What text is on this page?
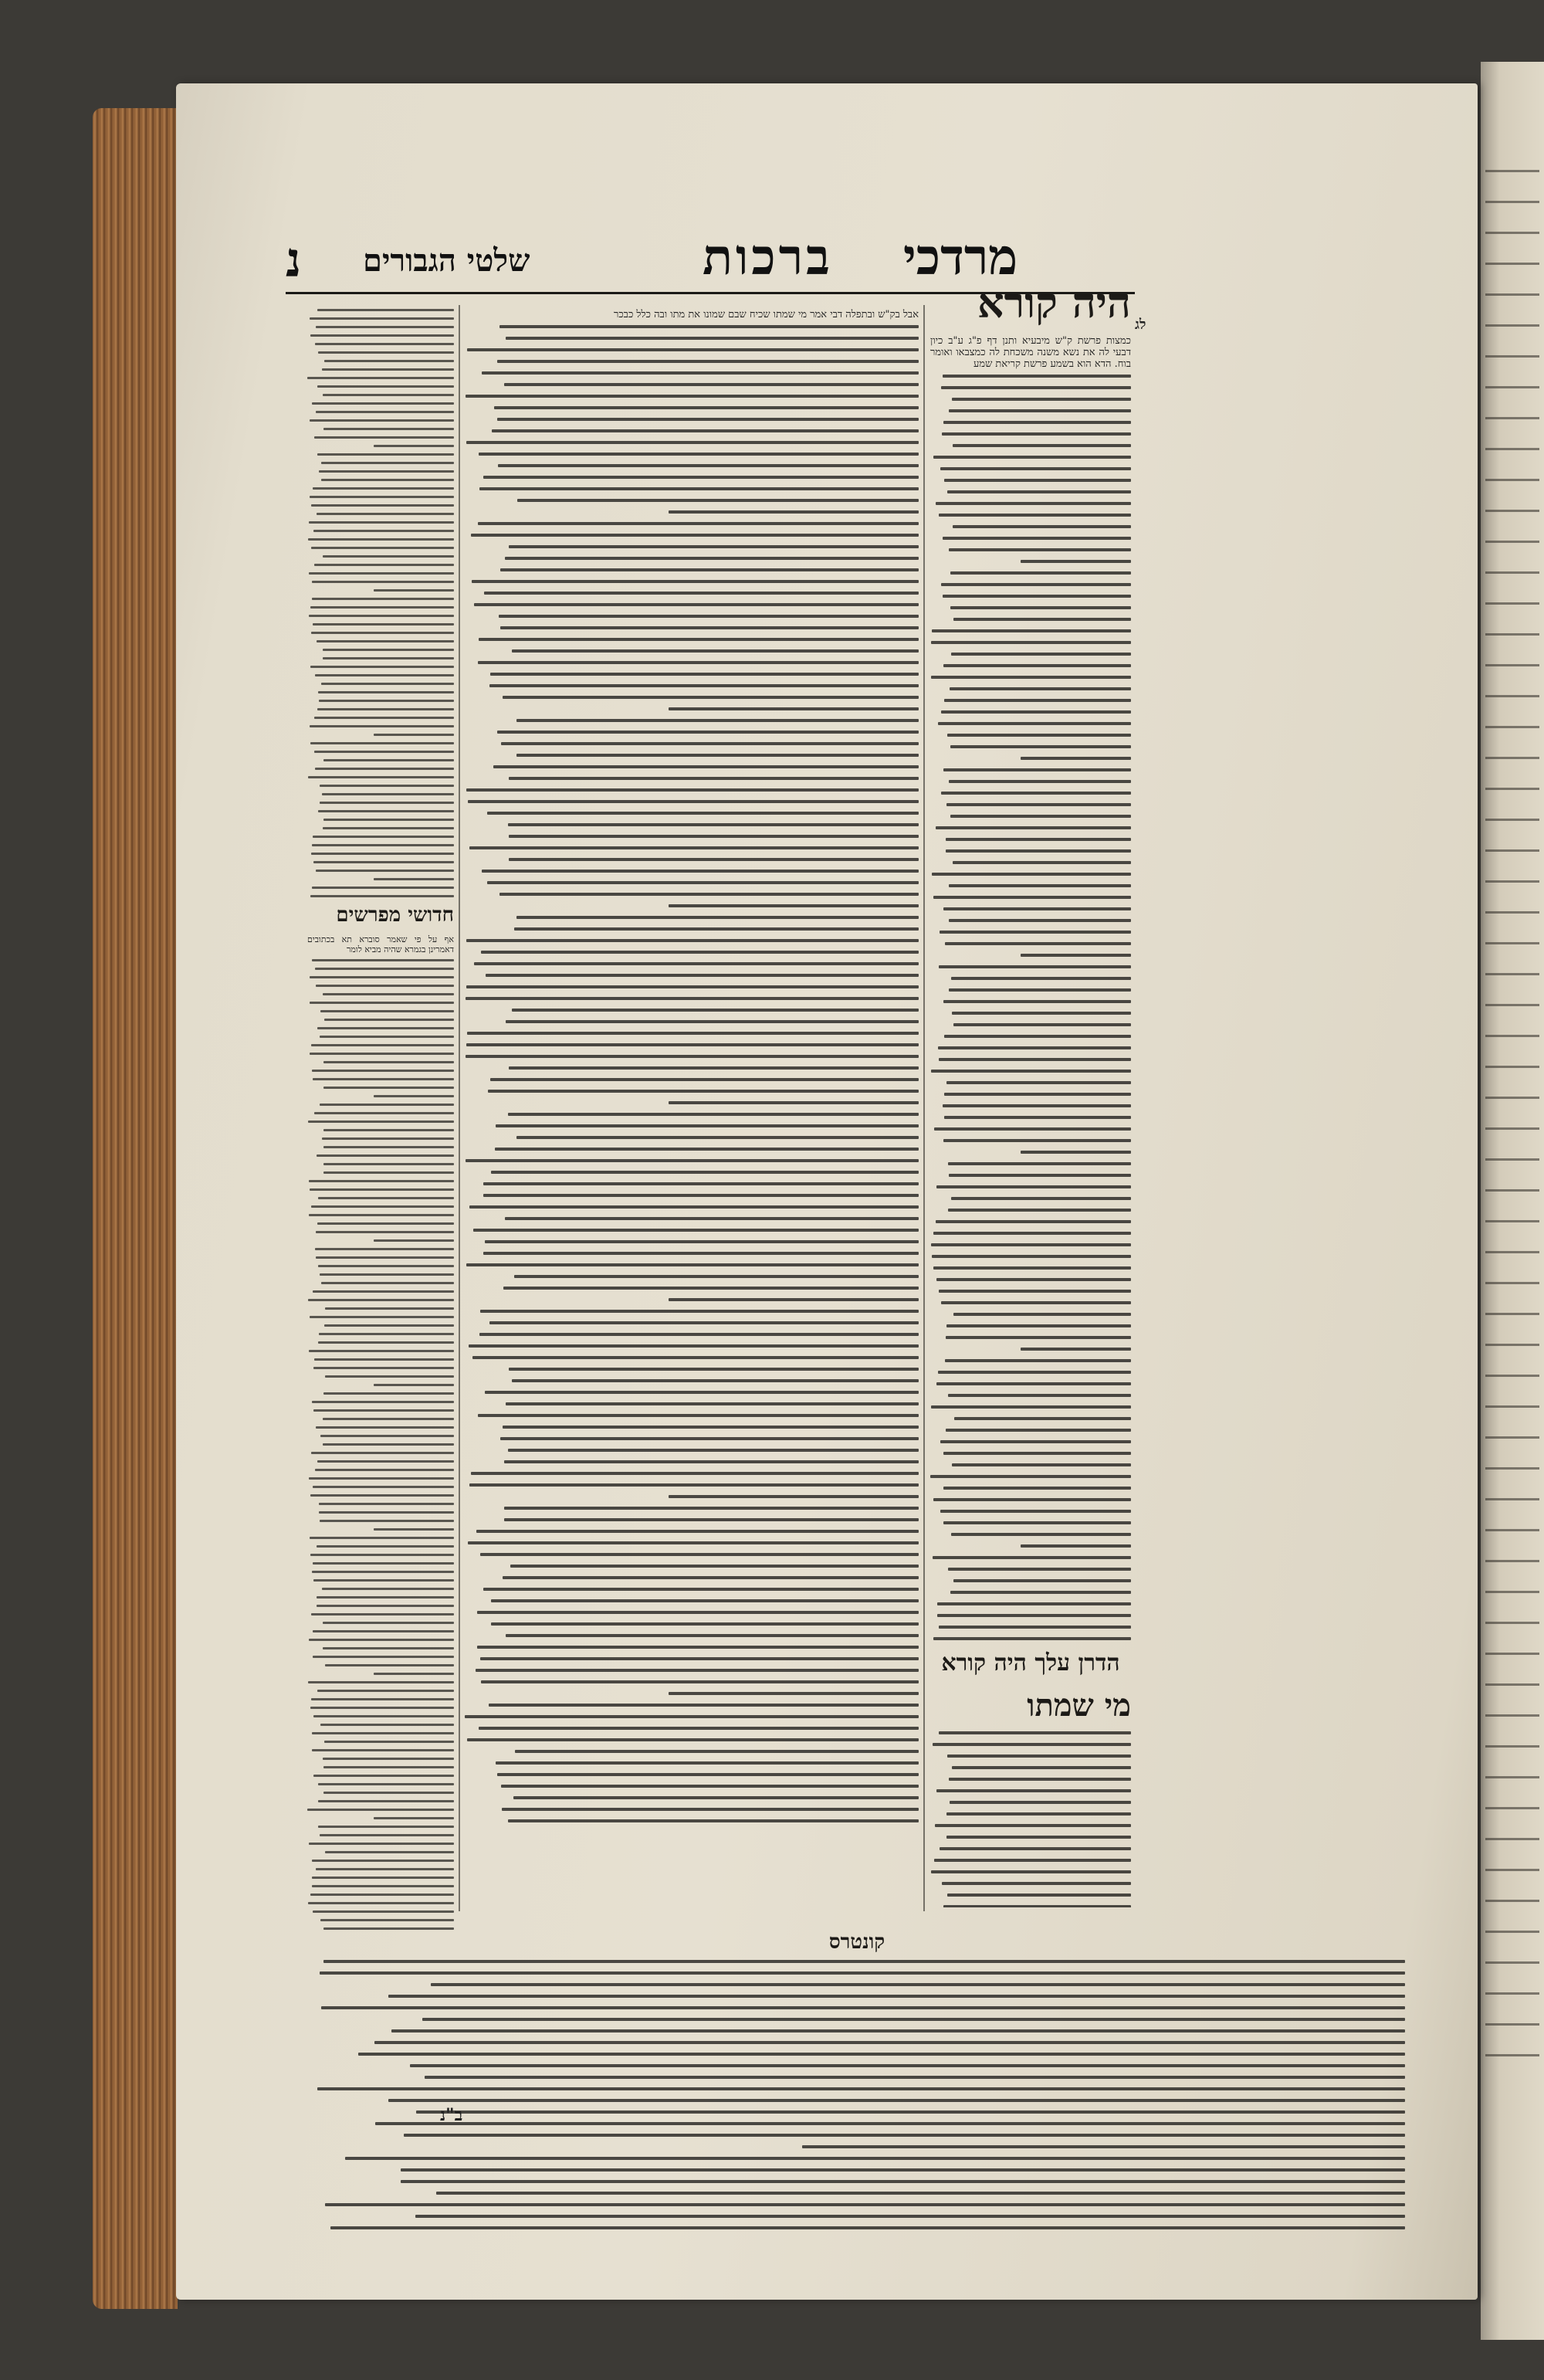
נ שלטי הגבורים	ברכות מרדכי
היה קורא
כמצות פרשת ק"ש מיבעיא ותנן דף פ"ג ע"ב כיון דבעי לה את נשא משנה משכחת לה כמצבאו ואומר בוח. הדא הוא בשמע פרשת קריאת שמע
הדרן עלך היה קורא
מי שמתו
לג
אבל בק"ש ובתפלה דבי אמר מי שמתו שכיח שבם שמונו את מתו ובה כלל כבכר
חדושי מפרשים
אף על פי שאמר סוברא תא בכתובים דאמרינן בגמרא שהיה מביא לומר
קונטרס
ב"נ
